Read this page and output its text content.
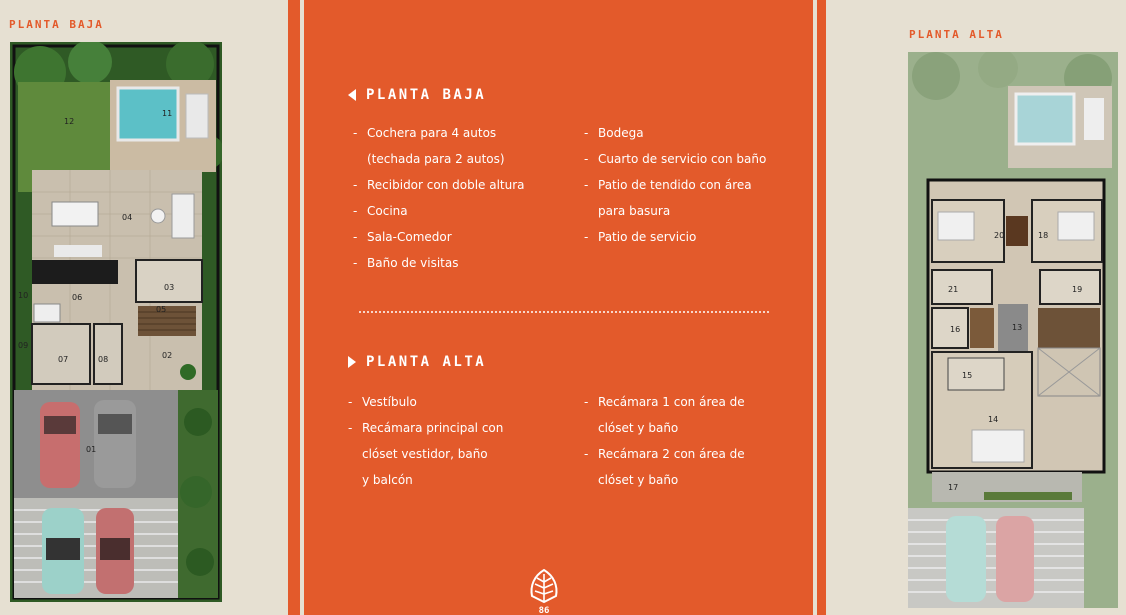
PLANTA BAJA
12
11
04
03
06
05
10
09
07	08	02
01
PLANTA BAJA
- Cochera para 4 autos
(techada para 2 autos)
- Recibidor con doble altura
- Cocina
- Sala-Comedor
- Baño de visitas
- Bodega
- Cuarto de servicio con baño
- Patio de tendido con área
para basura
- Patio de servicio
PLANTA ALTA
- Vestíbulo
- Recámara principal con
clóset vestidor, baño
y balcón
- Recámara 1 con área de
clóset y baño
- Recámara 2 con área de
clóset y baño
86
PLANTA ALTA
20	18
21	19
16	13
15
14
17
